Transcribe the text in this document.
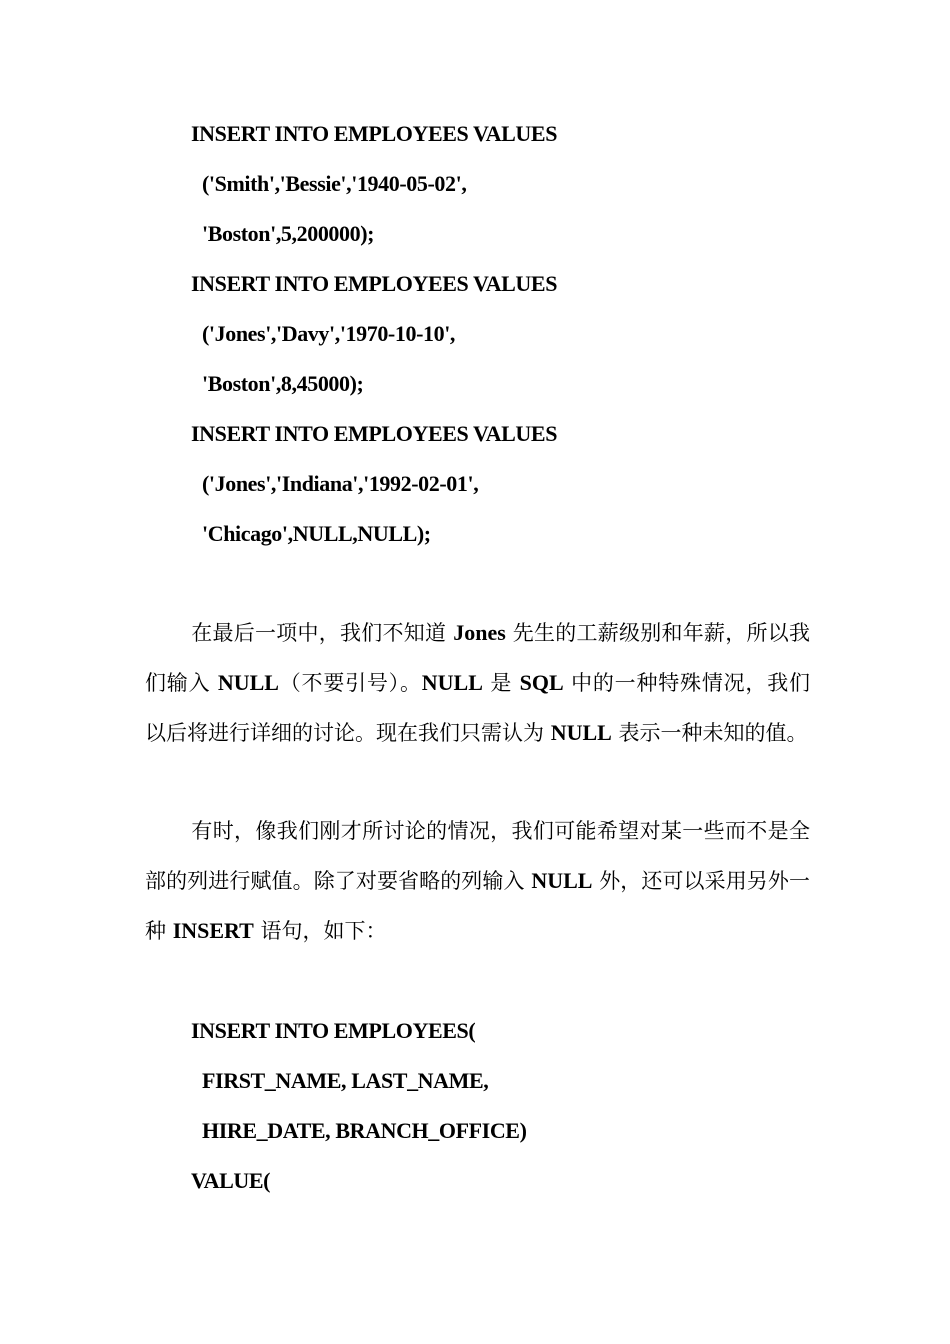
INSERT INTO EMPLOYEES VALUES
('Smith','Bessie','1940-05-02',
'Boston',5,200000);
INSERT INTO EMPLOYEES VALUES
('Jones','Davy','1970-10-10',
'Boston',8,45000);
INSERT INTO EMPLOYEES VALUES
('Jones','Indiana','1992-02-01',
'Chicago',NULL,NULL);
在最后一项中，我们不知道 Jones 先生的工薪级别和年薪，所以我们输入 NULL（不要引号）。NULL 是 SQL 中的一种特殊情况，我们以后将进行详细的讨论。现在我们只需认为 NULL 表示一种未知的值。
有时，像我们刚才所讨论的情况，我们可能希望对某一些而不是全部的列进行赋值。除了对要省略的列输入 NULL 外，还可以采用另外一种 INSERT 语句，如下：
INSERT INTO EMPLOYEES(
FIRST_NAME, LAST_NAME,
HIRE_DATE, BRANCH_OFFICE)
VALUE(
